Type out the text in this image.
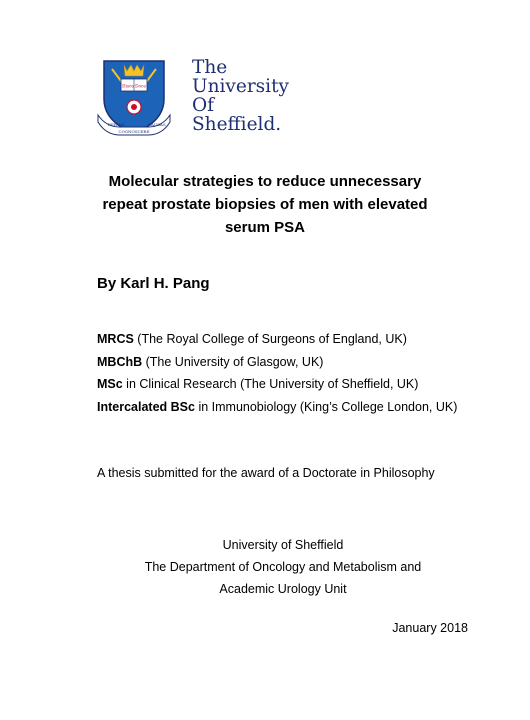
Disce Doce
RERUM
COGNOSCERE
CAUSAS
The
University
Of
Sheffield.
Molecular strategies to reduce unnecessary
repeat prostate biopsies of men with elevated
serum PSA
By Karl H. Pang
MRCS (The Royal College of Surgeons of England, UK)
MBChB (The University of Glasgow, UK)
MSc in Clinical Research (The University of Sheffield, UK)
Intercalated BSc in Immunobiology (King’s College London, UK)
A thesis submitted for the award of a Doctorate in Philosophy
University of Sheffield
The Department of Oncology and Metabolism and
Academic Urology Unit
January 2018
